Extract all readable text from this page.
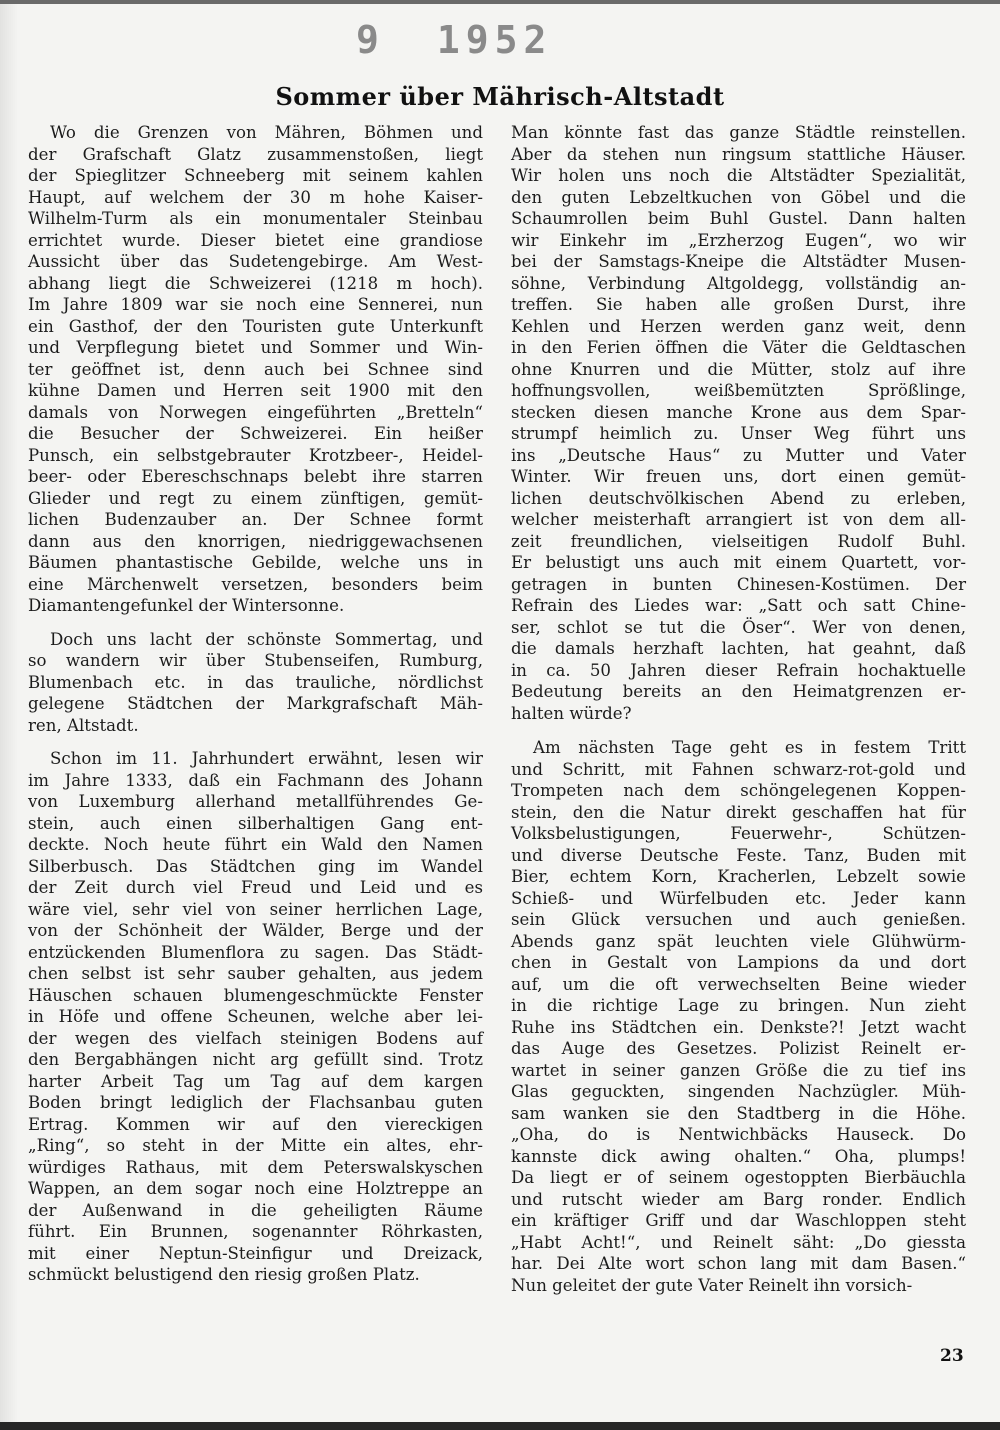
9 1952
Sommer über Mährisch-Altstadt
Wo die Grenzen von Mähren, Böhmen und
der Grafschaft Glatz zusammenstoßen, liegt
der Spieglitzer Schneeberg mit seinem kahlen
Haupt, auf welchem der 30 m hohe Kaiser-
Wilhelm-Turm als ein monumentaler Steinbau
errichtet wurde. Dieser bietet eine grandiose
Aussicht über das Sudetengebirge. Am West-
abhang liegt die Schweizerei (1218 m hoch).
Im Jahre 1809 war sie noch eine Sennerei, nun
ein Gasthof, der den Touristen gute Unterkunft
und Verpflegung bietet und Sommer und Win-
ter geöffnet ist, denn auch bei Schnee sind
kühne Damen und Herren seit 1900 mit den
damals von Norwegen eingeführten „Bretteln“
die Besucher der Schweizerei. Ein heißer
Punsch, ein selbstgebrauter Krotzbeer-, Heidel-
beer- oder Ebereschschnaps belebt ihre starren
Glieder und regt zu einem zünftigen, gemüt-
lichen Budenzauber an. Der Schnee formt
dann aus den knorrigen, niedriggewachsenen
Bäumen phantastische Gebilde, welche uns in
eine Märchenwelt versetzen, besonders beim
Diamantengefunkel der Wintersonne.
Doch uns lacht der schönste Sommertag, und
so wandern wir über Stubenseifen, Rumburg,
Blumenbach etc. in das trauliche, nördlichst
gelegene Städtchen der Markgrafschaft Mäh-
ren, Altstadt.
Schon im 11. Jahrhundert erwähnt, lesen wir
im Jahre 1333, daß ein Fachmann des Johann
von Luxemburg allerhand metallführendes Ge-
stein, auch einen silberhaltigen Gang ent-
deckte. Noch heute führt ein Wald den Namen
Silberbusch. Das Städtchen ging im Wandel
der Zeit durch viel Freud und Leid und es
wäre viel, sehr viel von seiner herrlichen Lage,
von der Schönheit der Wälder, Berge und der
entzückenden Blumenflora zu sagen. Das Städt-
chen selbst ist sehr sauber gehalten, aus jedem
Häuschen schauen blumengeschmückte Fenster
in Höfe und offene Scheunen, welche aber lei-
der wegen des vielfach steinigen Bodens auf
den Bergabhängen nicht arg gefüllt sind. Trotz
harter Arbeit Tag um Tag auf dem kargen
Boden bringt lediglich der Flachsanbau guten
Ertrag. Kommen wir auf den viereckigen
„Ring“, so steht in der Mitte ein altes, ehr-
würdiges Rathaus, mit dem Peterswalskyschen
Wappen, an dem sogar noch eine Holztreppe an
der Außenwand in die geheiligten Räume
führt. Ein Brunnen, sogenannter Röhrkasten,
mit einer Neptun-Steinfigur und Dreizack,
schmückt belustigend den riesig großen Platz.
Man könnte fast das ganze Städtle reinstellen.
Aber da stehen nun ringsum stattliche Häuser.
Wir holen uns noch die Altstädter Spezialität,
den guten Lebzeltkuchen von Göbel und die
Schaumrollen beim Buhl Gustel. Dann halten
wir Einkehr im „Erzherzog Eugen“, wo wir
bei der Samstags-Kneipe die Altstädter Musen-
söhne, Verbindung Altgoldegg, vollständig an-
treffen. Sie haben alle großen Durst, ihre
Kehlen und Herzen werden ganz weit, denn
in den Ferien öffnen die Väter die Geldtaschen
ohne Knurren und die Mütter, stolz auf ihre
hoffnungsvollen, weißbemützten Sprößlinge,
stecken diesen manche Krone aus dem Spar-
strumpf heimlich zu. Unser Weg führt uns
ins „Deutsche Haus“ zu Mutter und Vater
Winter. Wir freuen uns, dort einen gemüt-
lichen deutschvölkischen Abend zu erleben,
welcher meisterhaft arrangiert ist von dem all-
zeit freundlichen, vielseitigen Rudolf Buhl.
Er belustigt uns auch mit einem Quartett, vor-
getragen in bunten Chinesen-Kostümen. Der
Refrain des Liedes war: „Satt och satt Chine-
ser, schlot se tut die Öser“. Wer von denen,
die damals herzhaft lachten, hat geahnt, daß
in ca. 50 Jahren dieser Refrain hochaktuelle
Bedeutung bereits an den Heimatgrenzen er-
halten würde?
Am nächsten Tage geht es in festem Tritt
und Schritt, mit Fahnen schwarz-rot-gold und
Trompeten nach dem schöngelegenen Koppen-
stein, den die Natur direkt geschaffen hat für
Volksbelustigungen, Feuerwehr-, Schützen-
und diverse Deutsche Feste. Tanz, Buden mit
Bier, echtem Korn, Kracherlen, Lebzelt sowie
Schieß- und Würfelbuden etc. Jeder kann
sein Glück versuchen und auch genießen.
Abends ganz spät leuchten viele Glühwürm-
chen in Gestalt von Lampions da und dort
auf, um die oft verwechselten Beine wieder
in die richtige Lage zu bringen. Nun zieht
Ruhe ins Städtchen ein. Denkste?! Jetzt wacht
das Auge des Gesetzes. Polizist Reinelt er-
wartet in seiner ganzen Größe die zu tief ins
Glas geguckten, singenden Nachzügler. Müh-
sam wanken sie den Stadtberg in die Höhe.
„Oha, do is Nentwichbäcks Hauseck. Do
kannste dick awing ohalten.“ Oha, plumps!
Da liegt er of seinem ogestoppten Bierbäuchla
und rutscht wieder am Barg ronder. Endlich
ein kräftiger Griff und dar Waschloppen steht
„Habt Acht!“, und Reinelt säht: „Do giessta
har. Dei Alte wort schon lang mit dam Basen.“
Nun geleitet der gute Vater Reinelt ihn vorsich-
23
